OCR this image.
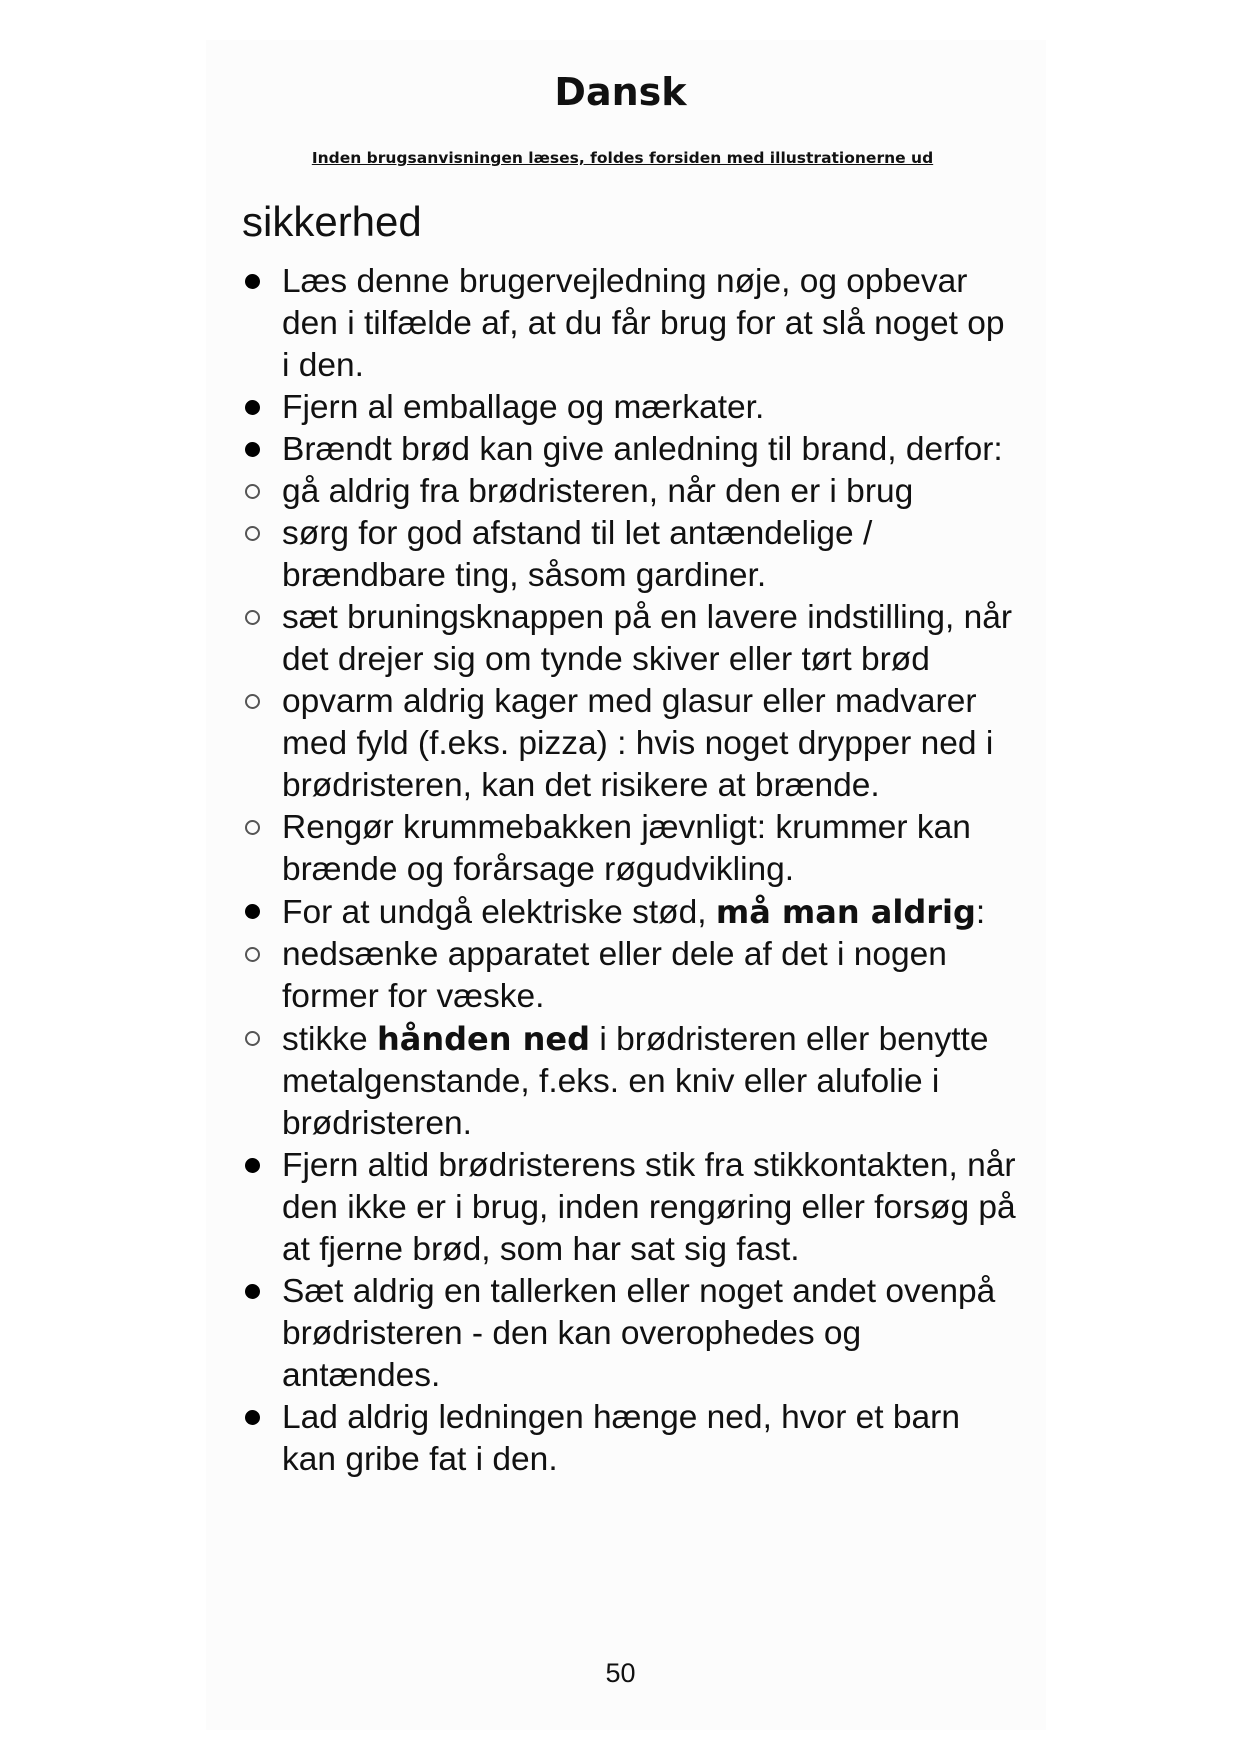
Dansk

Inden brugsanvisningen læses, foldes forsiden med illustrationerne ud

sikkerhed
Læs denne brugervejledning nøje, og opbevar den i tilfælde af, at du får brug for at slå noget op i den.
Fjern al emballage og mærkater.
Brændt brød kan give anledning til brand, derfor:
gå aldrig fra brødristeren, når den er i brug
sørg for god afstand til let antændelige / brændbare ting, såsom gardiner.
sæt bruningsknappen på en lavere indstilling, når det drejer sig om tynde skiver eller tørt brød
opvarm aldrig kager med glasur eller madvarer med fyld (f.eks. pizza) : hvis noget drypper ned i brødristeren, kan det risikere at brænde.
Rengør krummebakken jævnligt: krummer kan brænde og forårsage røgudvikling.
For at undgå elektriske stød, må man aldrig:
nedsænke apparatet eller dele af det i nogen former for væske.
stikke hånden ned i brødristeren eller benytte metalgenstande, f.eks. en kniv eller alufolie i brødristeren.
Fjern altid brødristerens stik fra stikkontakten, når den ikke er i brug, inden rengøring eller forsøg på at fjerne brød, som har sat sig fast.
Sæt aldrig en tallerken eller noget andet ovenpå brødristeren - den kan overophedes og antændes.
Lad aldrig ledningen hænge ned, hvor et barn kan gribe fat i den.
50
